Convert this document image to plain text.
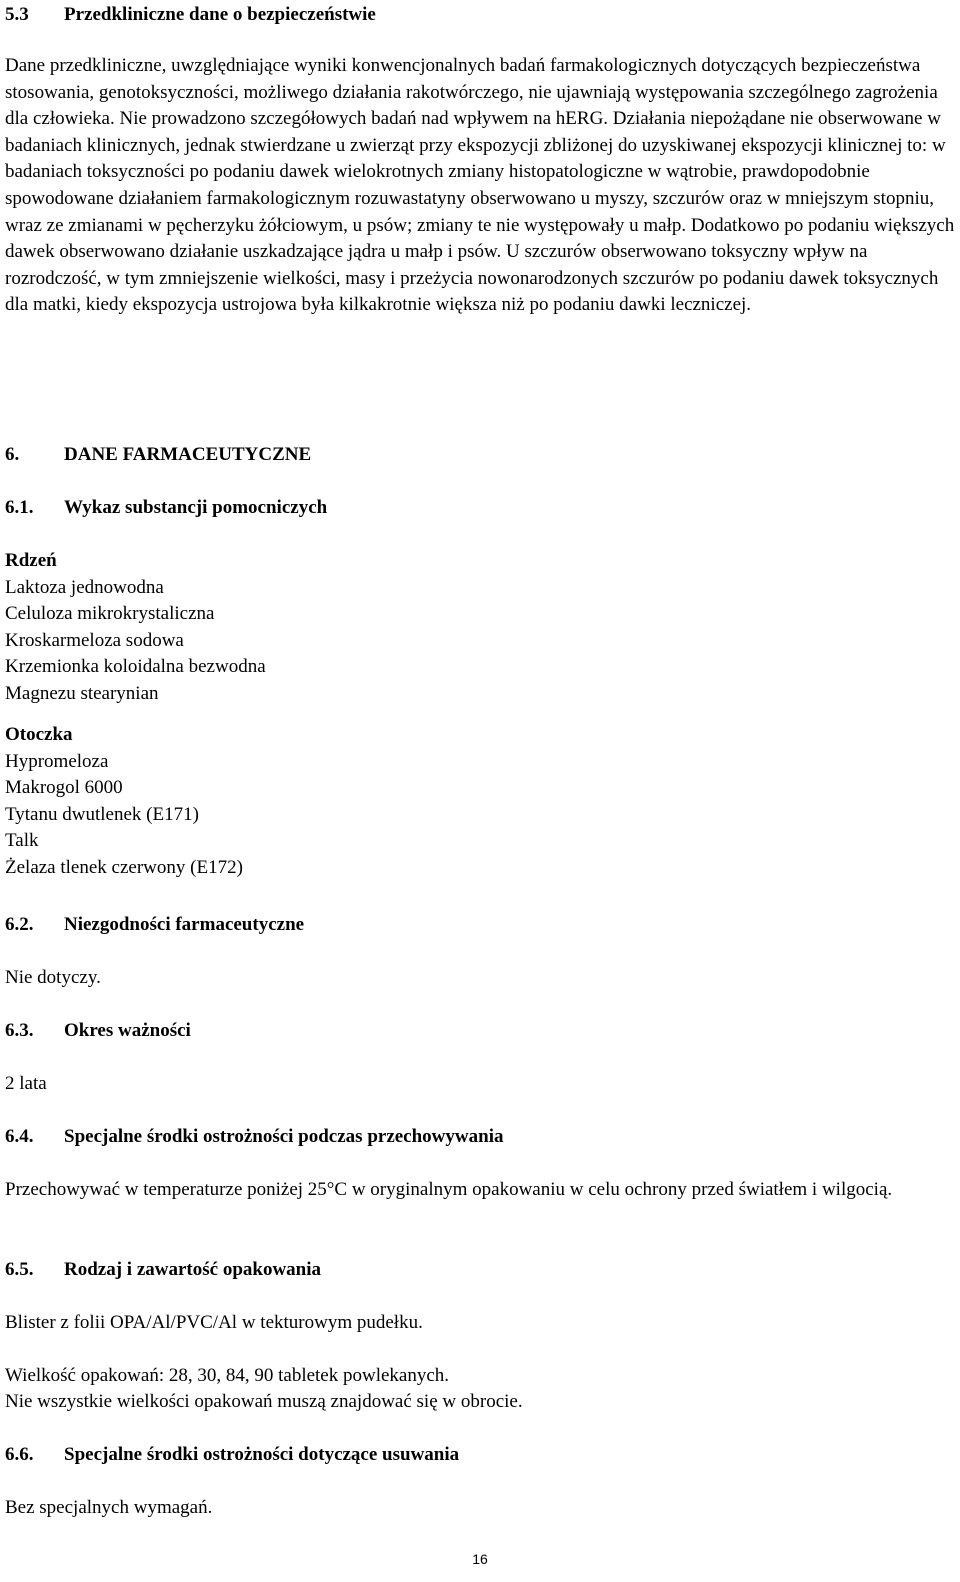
5.3	Przedkliniczne dane o bezpieczeństwie

Dane przedkliniczne, uwzględniające wyniki konwencjonalnych badań farmakologicznych dotyczących bezpieczeństwa stosowania, genotoksyczności, możliwego działania rakotwórczego, nie ujawniają występowania szczególnego zagrożenia dla człowieka. Nie prowadzono szczegółowych badań nad wpływem na hERG. Działania niepożądane nie obserwowane w badaniach klinicznych, jednak stwierdzane u zwierząt przy ekspozycji zbliżonej do uzyskiwanej ekspozycji klinicznej to: w badaniach toksyczności po podaniu dawek wielokrotnych zmiany histopatologiczne w wątrobie, prawdopodobnie spowodowane działaniem farmakologicznym rozuwastatyny obserwowano u myszy, szczurów oraz w mniejszym stopniu, wraz ze zmianami w pęcherzyku żółciowym, u psów; zmiany te nie występowały u małp. Dodatkowo po podaniu większych dawek obserwowano działanie uszkadzające jądra u małp i psów. U szczurów obserwowano toksyczny wpływ na rozrodczość, w tym zmniejszenie wielkości, masy i przeżycia nowonarodzonych szczurów po podaniu dawek toksycznych dla matki, kiedy ekspozycja ustrojowa była kilkakrotnie większa niż po podaniu dawki leczniczej.

6.	DANE FARMACEUTYCZNE
6.1.	Wykaz substancji pomocniczych
Rdzeń
Laktoza jednowodna
Celuloza mikrokrystaliczna
Kroskarmeloza sodowa
Krzemionka koloidalna bezwodna
Magnezu stearynian
Otoczka
Hypromeloza
Makrogol 6000
Tytanu dwutlenek (E171)
Talk
Żelaza tlenek czerwony (E172)
6.2.	Niezgodności farmaceutyczne

Nie dotyczy.

6.3.	Okres ważności

2 lata

6.4.	Specjalne środki ostrożności podczas przechowywania

Przechowywać w temperaturze poniżej 25°C w oryginalnym opakowaniu w celu ochrony przed światłem i wilgocią.

6.5.	Rodzaj i zawartość opakowania

Blister z folii OPA/Al/PVC/Al w tekturowym pudełku.

Wielkość opakowań: 28, 30, 84, 90 tabletek powlekanych.

Nie wszystkie wielkości opakowań muszą znajdować się w obrocie.

6.6.	Specjalne środki ostrożności dotyczące usuwania

Bez specjalnych wymagań.

16
